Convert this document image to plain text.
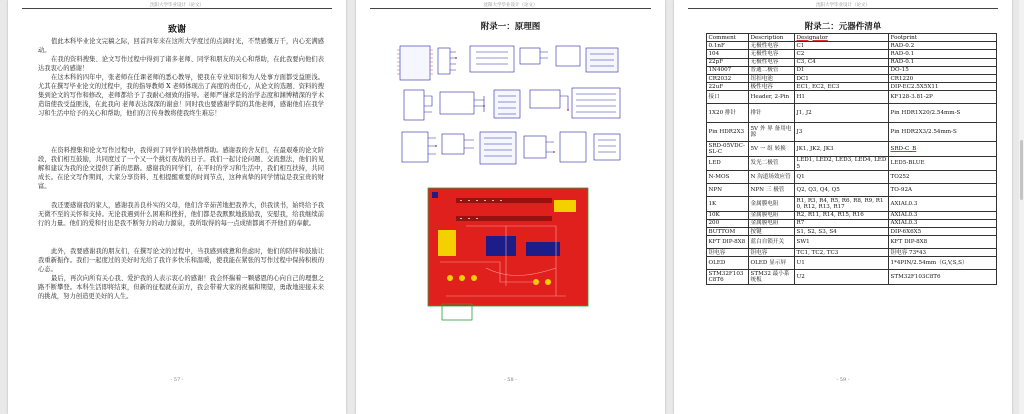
沈阳大学毕业设计（论文）
致谢

值此本科毕业论文完稿之际，回首四年来在这所大学度过的点滴时光，不禁感慨万千，内心充满感动。

在我的资料搜集、论文写作过程中得到了诸多老师、同学和朋友的关心和帮助，在此我要向他们表达我衷心的感谢！

在这本科的四年中，张老师在任课老师的悉心教导，使我在专业知识和为人处事方面都受益匪浅。尤其在撰写毕业论文的过程中，我的指导教师 X 老师体现出了高度的责任心，从论文的选题、资料的搜集到论文的写作和修改，老师都给予了我耐心细致的指导。老师严谨求是的治学态度和渊博精深的学术造诣使我受益匪浅，在此我向 老师表达深深的谢意！同时我也要感谢学院的其他老师，感谢他们在我学习和生活中给予的关心和帮助，他们的言传身教将使我终生难忘！

在资料搜集和论文写作过程中，我得到了同学们的热情帮助。感谢我的舍友们，在最艰难的论文阶段，我们相互鼓励，共同度过了一个又一个挑灯夜战的日子。我们一起讨论问题、交流想法，他们的见解和建议为我的论文提供了新的思路。感谢我的同学们，在平时的学习和生活中，我们相互扶持，共同成长。在论文写作期间，大家分享资料、互相提醒重要的时间节点，这种真挚的同学情谊是我宝贵的财富。

我还要感谢我的家人，感谢我善良朴实的父母，他们含辛茹苦地把我养大，供我读书，始终给予我无微不至的关怀和支持。无论我遇到什么困难和挫折，他们都是我默默地鼓励我，安慰我，给我继续前行的力量。他们的爱和付出是我不断努力的动力源泉，我所取得的每一点成绩都离不开他们的奉献。

此外，我要感谢我的朋友们，在撰写论文的过程中，当我感到疲惫和焦虑时，他们的陪伴和鼓励让我重新振作。我们一起度过的美好时光给了我许多快乐和温暖，使我能在紧张的写作过程中保持积极的心态。

最后，再次向所有关心我、爱护我的人表示衷心的感谢！我会怀揣着一颗感恩的心向自己的理想之路不断攀登。本科生活即将结束，但新的征程就在前方，我会带着大家的祝福和期望，勇敢地迎接未来的挑战，努力创造更美好的人生。

- 57 -
沈阳大学毕业设计（论文）
附录一：原理图
- 58 -
沈阳大学毕业设计（论文）
附录二：元器件清单
Comment	Description	Designator	Footprint
0.1nF	无极性电容	C1	RAD-0.2
104	无极性电容	C2	RAD-0.1
22pF	无极性电容	C3, C4	RAD-0.1
1N4007	普通二极管	D1	DO-15
CR2032	纽扣电池	DC1	CR1220
22uF	极性电容	EC1, EC2, EC3	DIP-EC2.5X5X11
接口	Header, 2-Pin	H1	KF128-3.81-2P
1X20 排针	排针	J1, J2	Pin HDR1X20/2.54mm-S
Pin HDR2X3	5V 外 界 备用电源	J3	Pin HDR2X3/2.54mm-S
SRD-05VDC-SL-C	5V 一 组 转换	JK1, JK2, JK3	SRD-C_B
LED	发光二极管	LED1, LED2, LED3, LED4, LED5	LED5-BLUE
N-MOS	N 沟道场效应管	Q1	TO252
NPN	NPN 三 极管	Q2, Q3, Q4, Q5	TO-92A
1K	金属膜电阻	R1, R3, R4, R5, R6, R8, R9, R10, R12, R13, R17	AXIAL0.3
10K	金属膜电阻	R2, R11, R14, R15, R16	AXIAL0.3
200	金属膜电阻	R7	AXIAL0.3
BUTTOM	按键	S1, S2, S3, S4	DIP-6X6X5
KFT DIP-8X8	蓝白自锁开关	SW1	KFT DIP-8X8
钽电容	钽电容	TC1, TC2, TC3	钽电容 73*43
OLED	OLED 显示屏	U1	1*4PIN/2.54mm（G,V,S,S）
STM32F103C8T6	STM32 最小系统板	U2	STM32F103C8T6
- 59 -
